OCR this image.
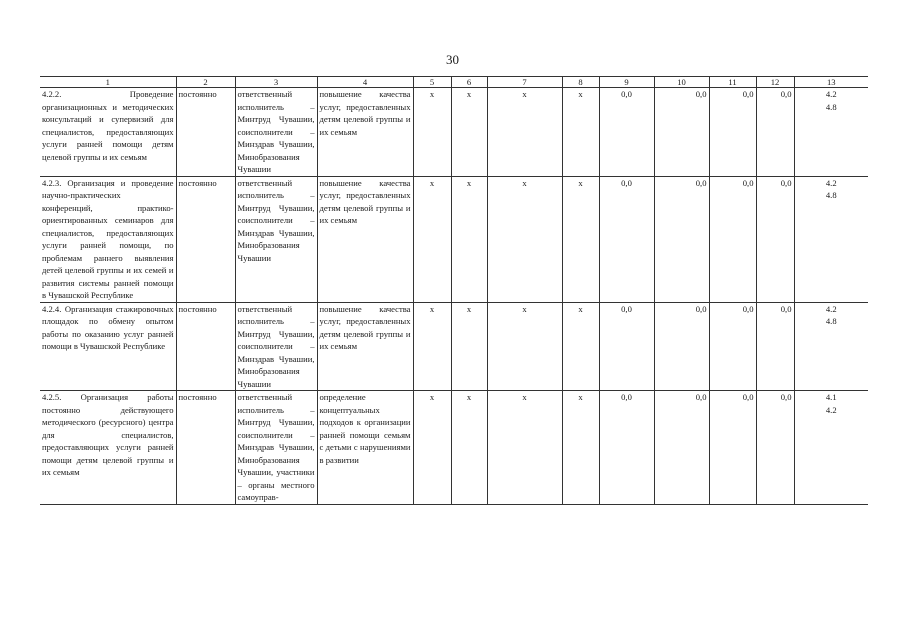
30
1	2	3	4	5	6	7	8	9	10	11	12	13
4.2.2. Проведение организационных и методических консультаций и супервизий для специалистов, предоставляющих услуги ранней помощи детям целевой группы и их семьям	постоянно	ответственный исполнитель – Минтруд Чувашии, соисполнители – Минздрав Чувашии, Минобразования Чувашии	повышение качества услуг, предоставленных детям целевой группы и их семьям	x	x	x	x	0,0	0,0	0,0	0,0	4.2
4.8
4.2.3. Организация и проведение научно-практических конференций, практико-ориентированных семинаров для специалистов, предоставляющих услуги ранней помощи, по проблемам раннего выявления детей целевой группы и их семей и развития системы ранней помощи в Чувашской Республике	постоянно	ответственный исполнитель – Минтруд Чувашии, соисполнители – Минздрав Чувашии, Минобразования Чувашии	повышение качества услуг, предоставленных детям целевой группы и их семьям	x	x	x	x	0,0	0,0	0,0	0,0	4.2
4.8
4.2.4. Организация стажировочных площадок по обмену опытом работы по оказанию услуг ранней помощи в Чувашской Республике	постоянно	ответственный исполнитель – Минтруд Чувашии, соисполнители – Минздрав Чувашии, Минобразования Чувашии	повышение качества услуг, предоставленных детям целевой группы и их семьям	x	x	x	x	0,0	0,0	0,0	0,0	4.2
4.8
4.2.5. Организация работы постоянно действующего методического (ресурсного) центра для специалистов, предоставляющих услуги ранней помощи детям целевой группы и их семьям	постоянно	ответственный исполнитель – Минтруд Чувашии, соисполнители – Минздрав Чувашии, Минобразования Чувашии, участники – органы местного самоуправ-	определение концептуальных подходов к организации ранней помощи семьям с детьми с нарушениями в развитии	x	x	x	x	0,0	0,0	0,0	0,0	4.1
4.2
